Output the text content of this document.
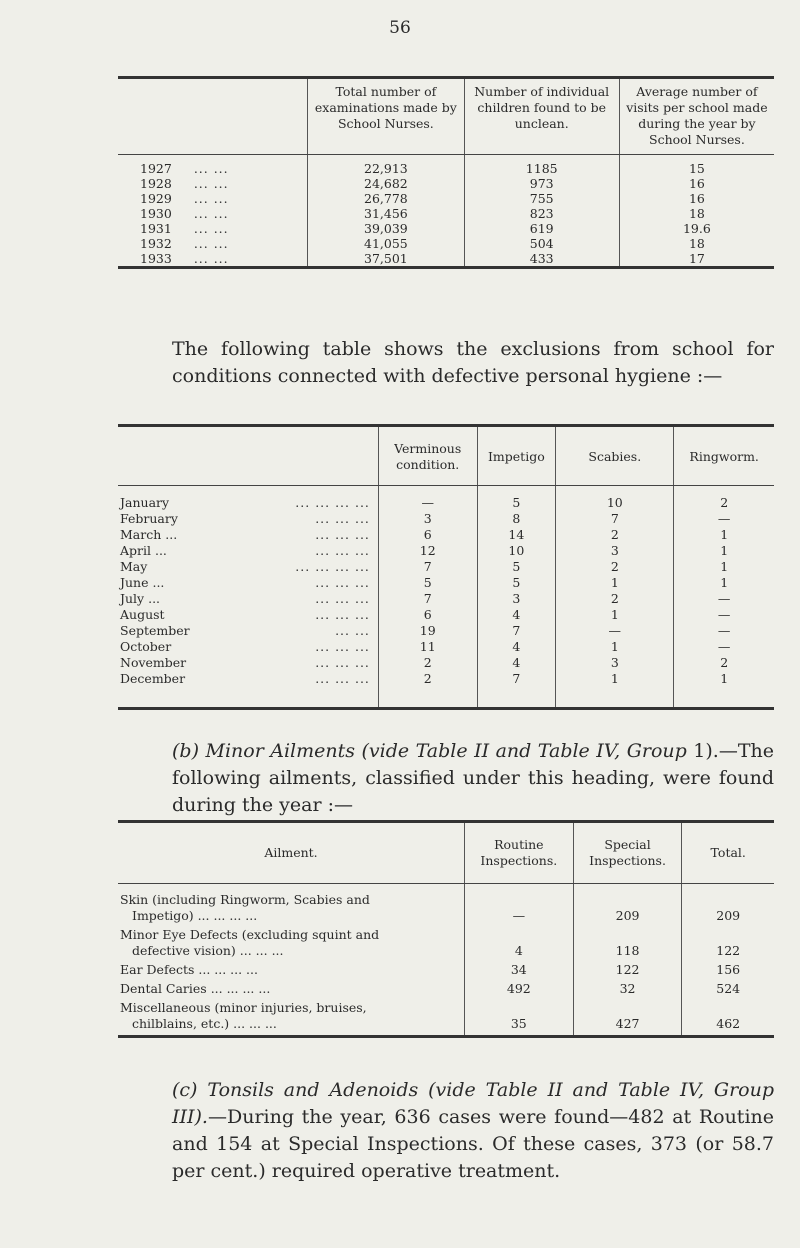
56
	Total number of examinations made by School Nurses.	Number of individual children found to be unclean.	Average number of visits per school made during the year by School Nurses.
1927 ... ...	22,913	1185	15
1928 ... ...	24,682	973	16
1929 ... ...	26,778	755	16
1930 ... ...	31,456	823	18
1931 ... ...	39,039	619	19.6
1932 ... ...	41,055	504	18
1933 ... ...	37,501	433	17
The following table shows the exclusions from school for conditions connected with defective personal hygiene :—
	Verminous condition.	Impetigo	Scabies.	Ringworm.
January ... ... ... ...	—	5	10	2
February ... ... ...	3	8	7	—
March ... ... ... ...	6	14	2	1
April ... ... ... ...	12	10	3	1
May ... ... ... ...	7	5	2	1
June ... ... ... ...	5	5	1	1
July ... ... ... ...	7	3	2	—
August ... ... ...	6	4	1	—
September ... ...	19	7	—	—
October ... ... ...	11	4	1	—
November ... ... ...	2	4	3	2
December ... ... ...	2	7	1	1
(b) Minor Ailments (vide Table II and Table IV, Group 1).—The following ailments, classified under this heading, were found during the year :—
Ailment.	Routine Inspections.	Special Inspections.	Total.

Skin (including Ringworm, Scabies and
Impetigo) ... ... ... ...	—	209	209

Minor Eye Defects (excluding squint and
defective vision) ... ... ...	4	118	122

Ear Defects ... ... ... ...	34	122	156

Dental Caries ... ... ... ...	492	32	524

Miscellaneous (minor injuries, bruises,
chilblains, etc.) ... ... ...	35	427	462
(c) Tonsils and Adenoids (vide Table II and Table IV, Group III).—During the year, 636 cases were found—482 at Routine and 154 at Special Inspections. Of these cases, 373 (or 58.7 per cent.) required operative treatment.
